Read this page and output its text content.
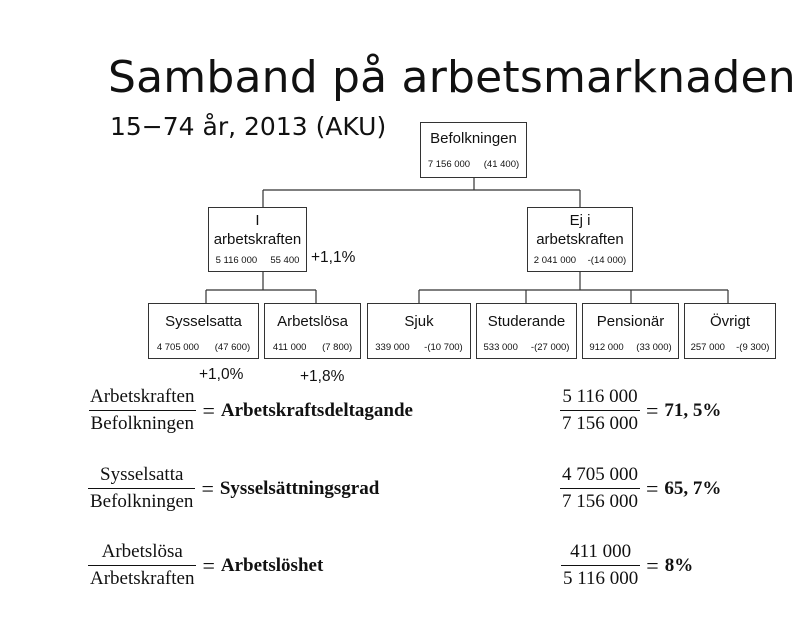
Samband på arbetsmarknaden
15−74 år, 2013 (AKU)	Befolkningen
7 156 000 (41 400)
I arbetskraften
5 116 000 55 400 +1,1%
Ej i arbetskraften
2 041 000 -(14 000)
Sysselsatta
4 705 000 (47 600)
+1,0%
Arbetslösa
411 000 (7 800)
+1,8%
Sjuk
339 000 -(10 700)
Studerande
533 000 -(27 000)
Pensionär
912 000 (33 000)
Övrigt
257 000 -(9 300)
$\frac{\text{Arbetskraften}}{\text{Befolkningen}}$ = Arbetskraftsdeltagande
$\frac{\text{Sysselsatta}}{\text{Befolkningen}}$ = Sysselsättningsgrad
$\frac{\text{Arbetslösa}}{\text{Arbetskraften}}$ = Arbetslöshet
$\frac{5 116 000}{7 156 000} = 71$, 5%
$\frac{4 705 000}{7 156 000} = 65$, 7%
$\frac{411 000}{5 116 000} = 8\%$
